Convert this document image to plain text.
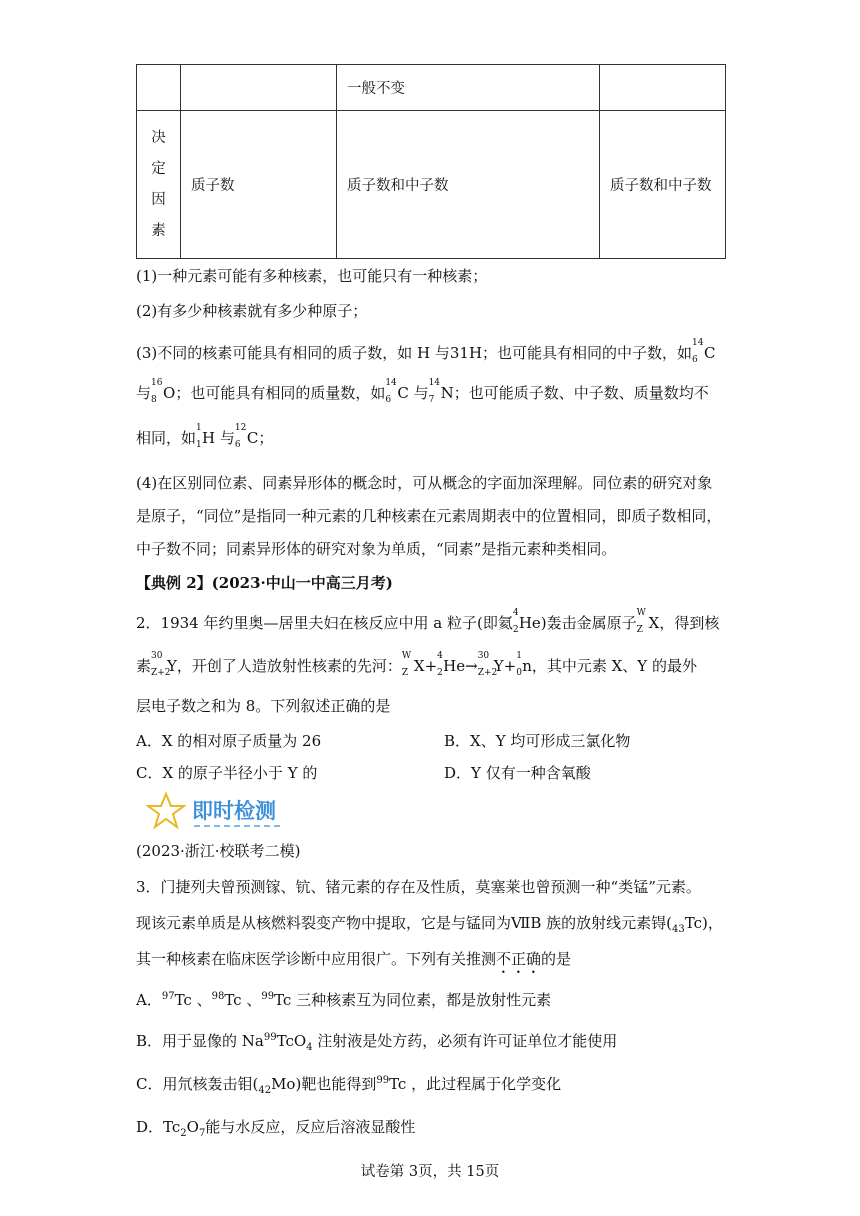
		一般不变	

决
定
因
素	质子数	质子数和中子数	质子数和中子数
(1)一种元素可能有多种核素，也可能只有一种核素；
(2)有多少种核素就有多少种原子；
(3)不同的核素可能具有相同的质子数，如 H 与31H；也可能具有相同的中子数，如
14
6 C
与
16
8 O；也可能具有相同的质量数，如
14
6 C 与
14
7 N；也可能质子数、中子数、质量数均不
相同，如
1
1 H 与
12
6 C；
(4)在区别同位素、同素异形体的概念时，可从概念的字面加深理解。同位素的研究对象
是原子，“同位”是指同一种元素的几种核素在元素周期表中的位置相同，即质子数相同，
中子数不同；同素异形体的研究对象为单质，“同素”是指元素种类相同。
【典例 2】(2023·中山一中高三月考)
2．1934 年约里奥—居里夫妇在核反应中用 a 粒子(即氦
4
2 He)轰击金属原子
W
Z X，得到核
素
30
Z+2
Y，开创了人造放射性核素的先河：
W
Z X+
4
2 He→
30
Z+2
Y+
1
0 n，其中元素 X、Y 的最外
层电子数之和为 8。下列叙述正确的是
A．X 的相对原子质量为 26	B．X、Y 均可形成三氯化物
C．X 的原子半径小于 Y 的	D．Y 仅有一种含氧酸
即时检测
(2023·浙江·校联考二模)
3．门捷列夫曾预测镓、钪、锗元素的存在及性质，莫塞莱也曾预测一种“类锰”元素。
现该元素单质是从核燃料裂变产物中提取，它是与锰同为ⅦB 族的放射线元素锝$(_{43}Tc)$，
其一种核素在临床医学诊断中应用很广。下列有关推测不正确的是
A．$^{97}$Tc 、$^{98}$Tc 、$^{99}$Tc 三种核素互为同位素，都是放射性元素
B．用于显像的 $Na^{99}TcO_4$ 注射液是处方药，必须有许可证单位才能使用
C．用氘核轰击钼$(_{42}Mo)$靶也能得到$^{99}$Tc ，此过程属于化学变化
D．$Tc_2O_7$能与水反应，反应后溶液显酸性
试卷第 3页，共 15页
